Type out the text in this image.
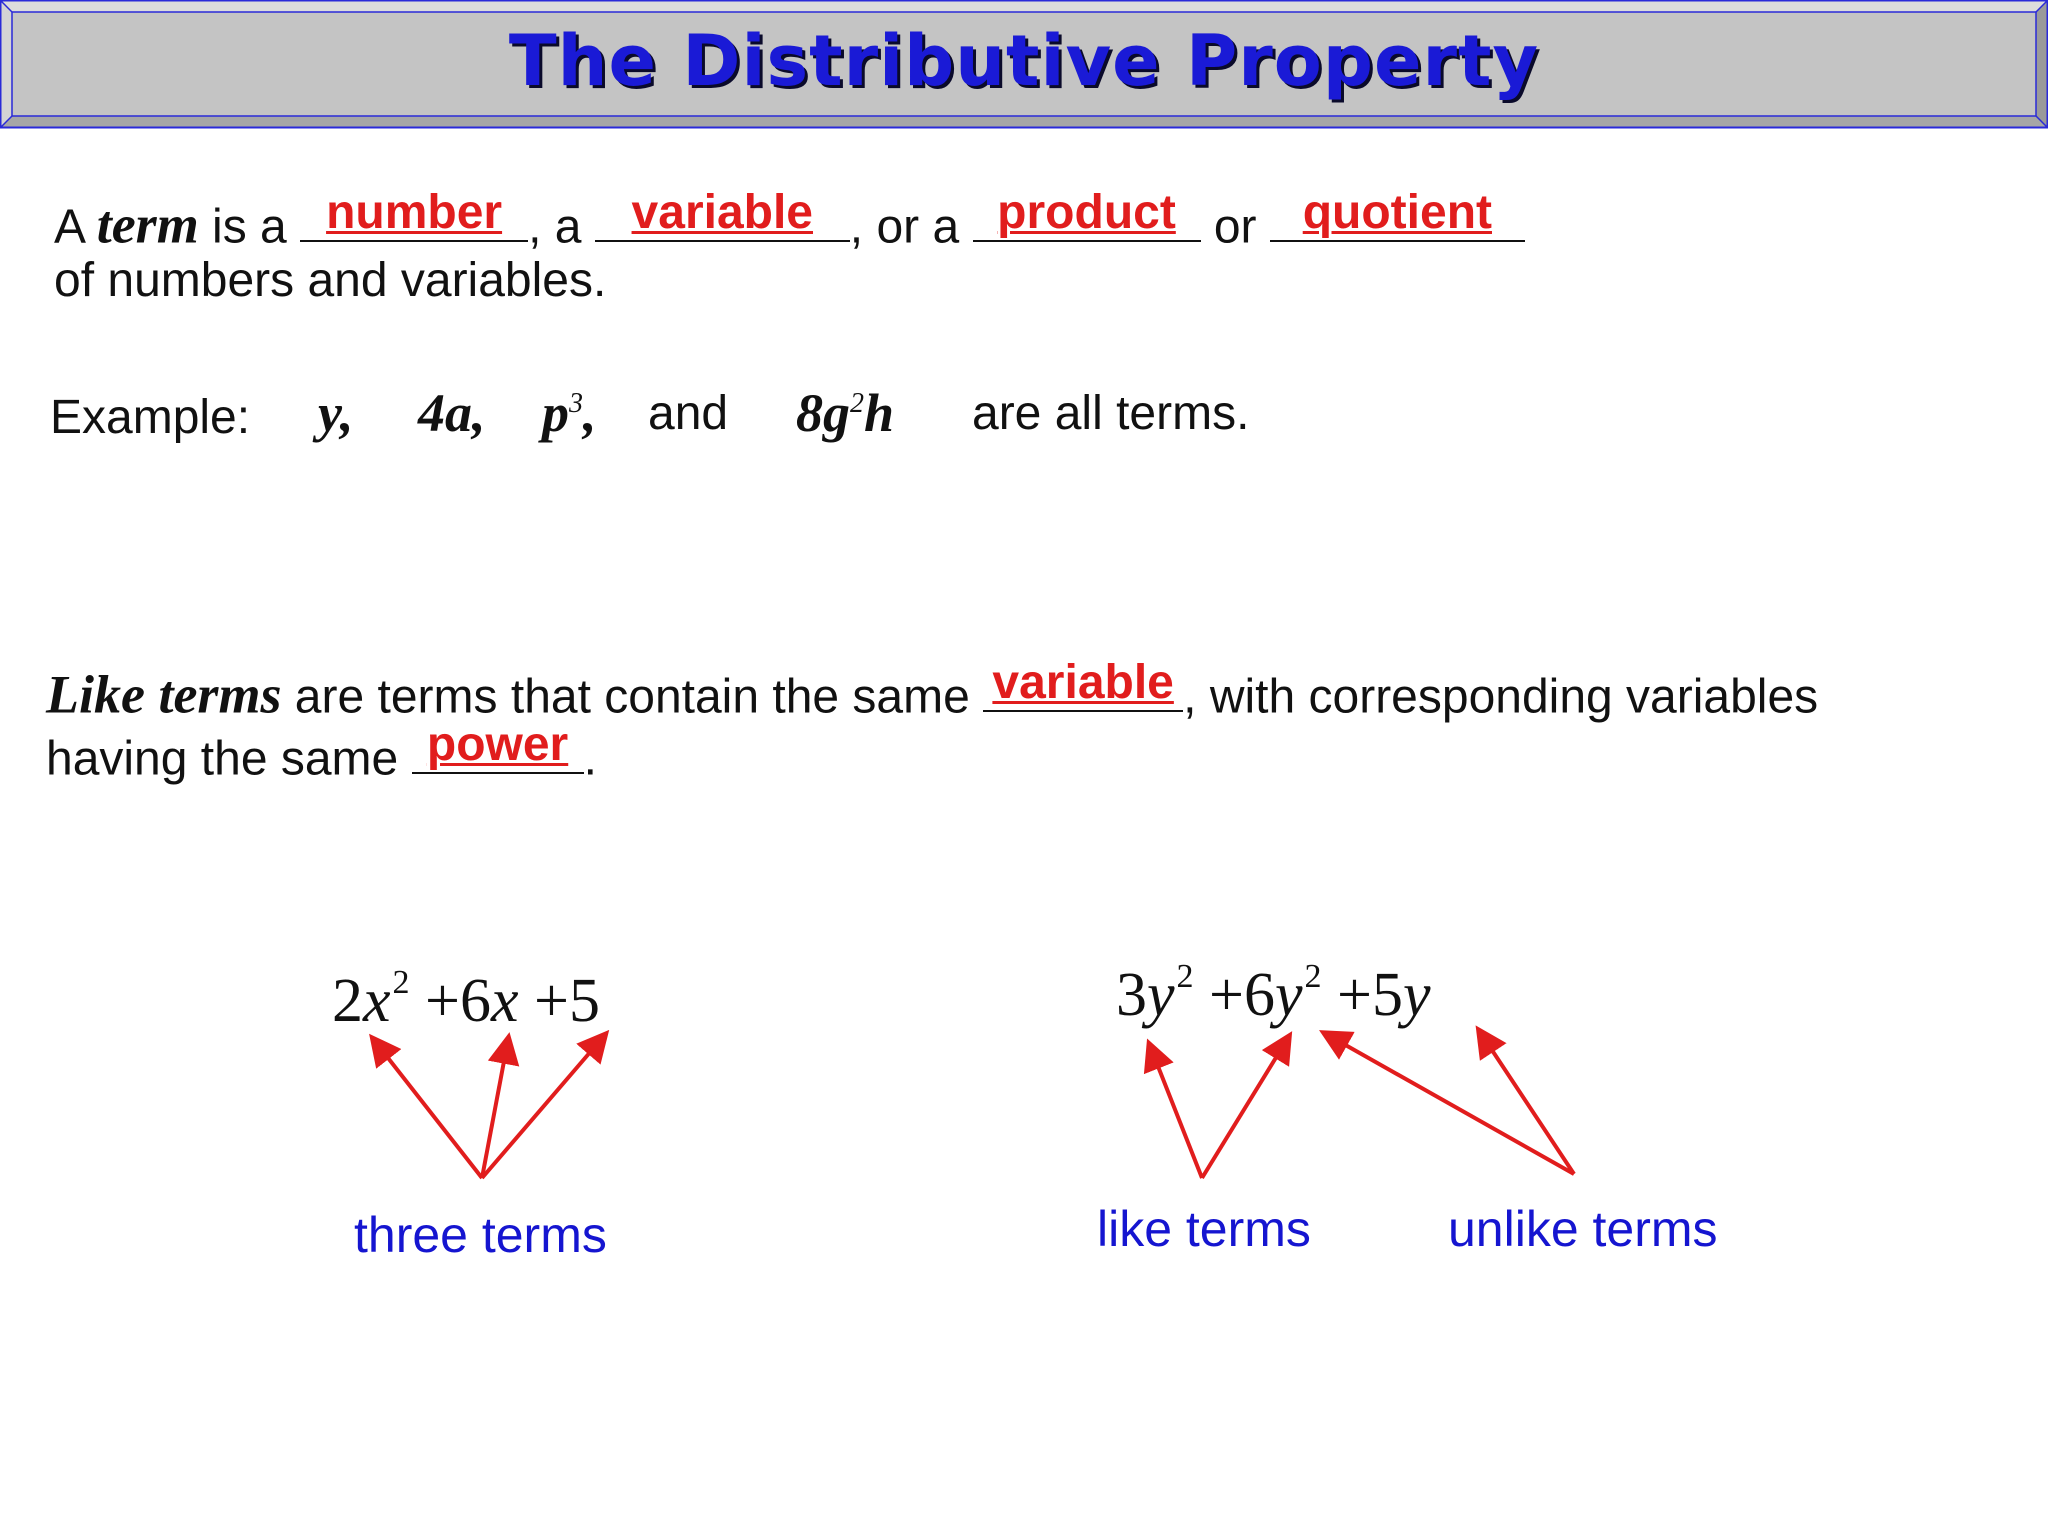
The Distributive Property
A term is a number , a variable , or a product or quotient
of numbers and variables.
Example: y, 4a, $p^3$, and $8g^2h$ are all terms.
Like terms are terms that contain the same variable , with corresponding variables
having the same power .
$2x^2 +6x +5$	$3y^2 +6y^2 +5y$
three terms	like terms	unlike terms
